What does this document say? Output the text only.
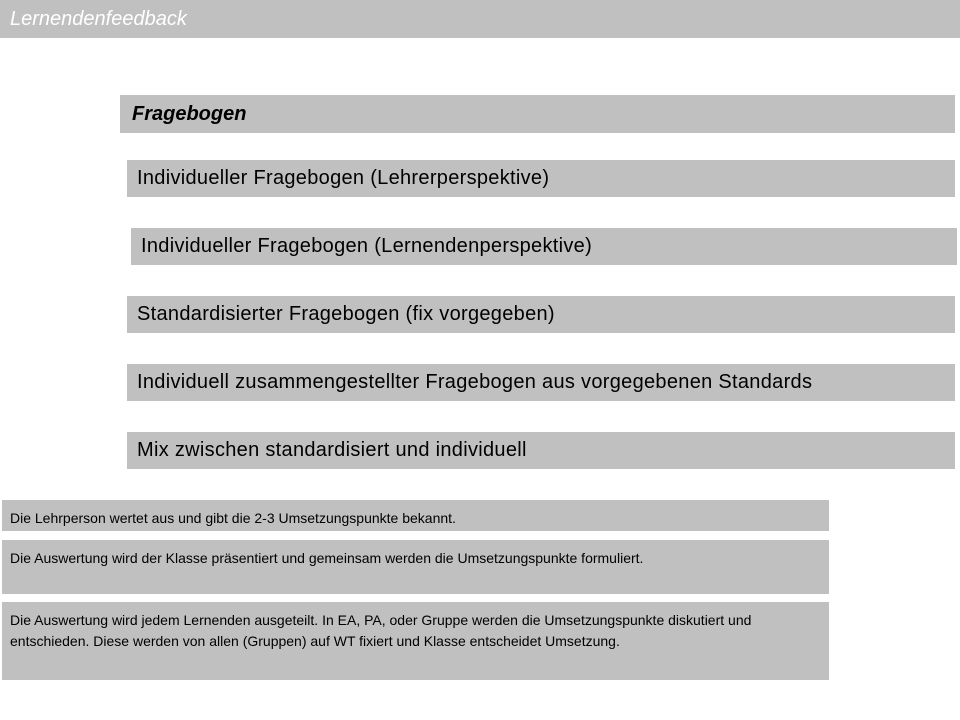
Lernendenfeedback
Fragebogen
Individueller Fragebogen (Lehrerperspektive)
Individueller Fragebogen (Lernendenperspektive)
Standardisierter Fragebogen (fix vorgegeben)
Individuell zusammengestellter Fragebogen aus vorgegebenen Standards
Mix zwischen standardisiert und individuell
Die Lehrperson wertet aus und gibt die 2-3 Umsetzungspunkte bekannt.
Die Auswertung wird der Klasse präsentiert und gemeinsam werden die Umsetzungspunkte formuliert.
Die Auswertung wird jedem Lernenden ausgeteilt. In EA, PA, oder Gruppe werden die Umsetzungspunkte diskutiert und entschieden. Diese werden von allen (Gruppen) auf WT fixiert und Klasse entscheidet Umsetzung.
